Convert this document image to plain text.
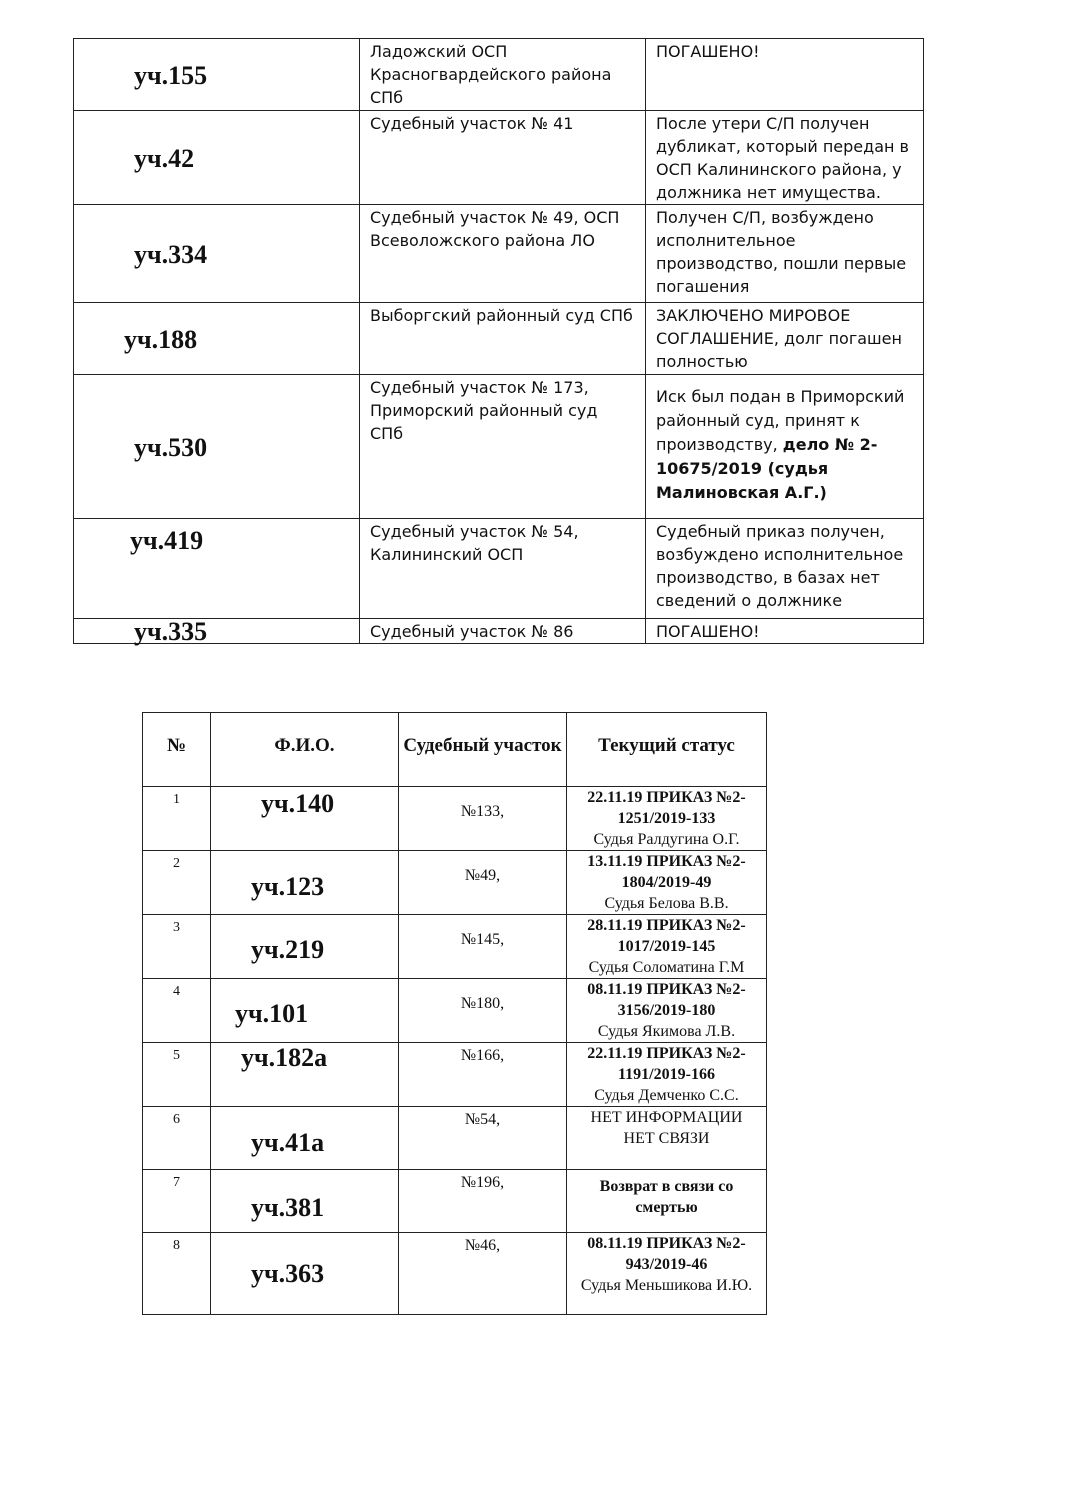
уч.155	Ладожский ОСП Красногвардейского района СПб	ПОГАШЕНО!
уч.42	Судебный участок № 41	После утери С/П получен дубликат, который передан в ОСП Калининского района, у должника нет имущества.
уч.334	Судебный участок № 49, ОСП Всеволожского района ЛО	Получен С/П, возбуждено исполнительное производство, пошли первые погашения
уч.188	Выборгский районный суд СПб	ЗАКЛЮЧЕНО МИРОВОЕ СОГЛАШЕНИЕ, долг погашен полностью
уч.530	Судебный участок № 173, Приморский районный суд СПб	Иск был подан в Приморский районный суд, принят к производству, дело № 2-10675/2019 (судья Малиновская А.Г.)
уч.419	Судебный участок № 54, Калининский ОСП	Судебный приказ получен, возбуждено исполнительное производство, в базах нет сведений о должнике
уч.335	Судебный участок № 86	ПОГАШЕНО!
№	Ф.И.О.	Судебный участок	Текущий статус
1	уч.140	№133,	22.11.19 ПРИКАЗ №2-1251/2019-133
Судья Ралдугина О.Г.

2	уч.123	№49,	13.11.19 ПРИКАЗ №2-1804/2019-49
Судья Белова В.В.

3	уч.219	№145,	28.11.19 ПРИКАЗ №2-1017/2019-145
Судья Соломатина Г.М

4	уч.101	№180,	08.11.19 ПРИКАЗ №2-3156/2019-180
Судья Якимова Л.В.

5	уч.182а	№166,	22.11.19 ПРИКАЗ №2-1191/2019-166
Судья Демченко С.С.

6	уч.41а	№54,	НЕТ ИНФОРМАЦИИ НЕТ СВЯЗИ

7	уч.381	№196,	Возврат в связи со смертью

8	уч.363	№46,	08.11.19 ПРИКАЗ №2-943/2019-46
Судья Меньшикова И.Ю.
